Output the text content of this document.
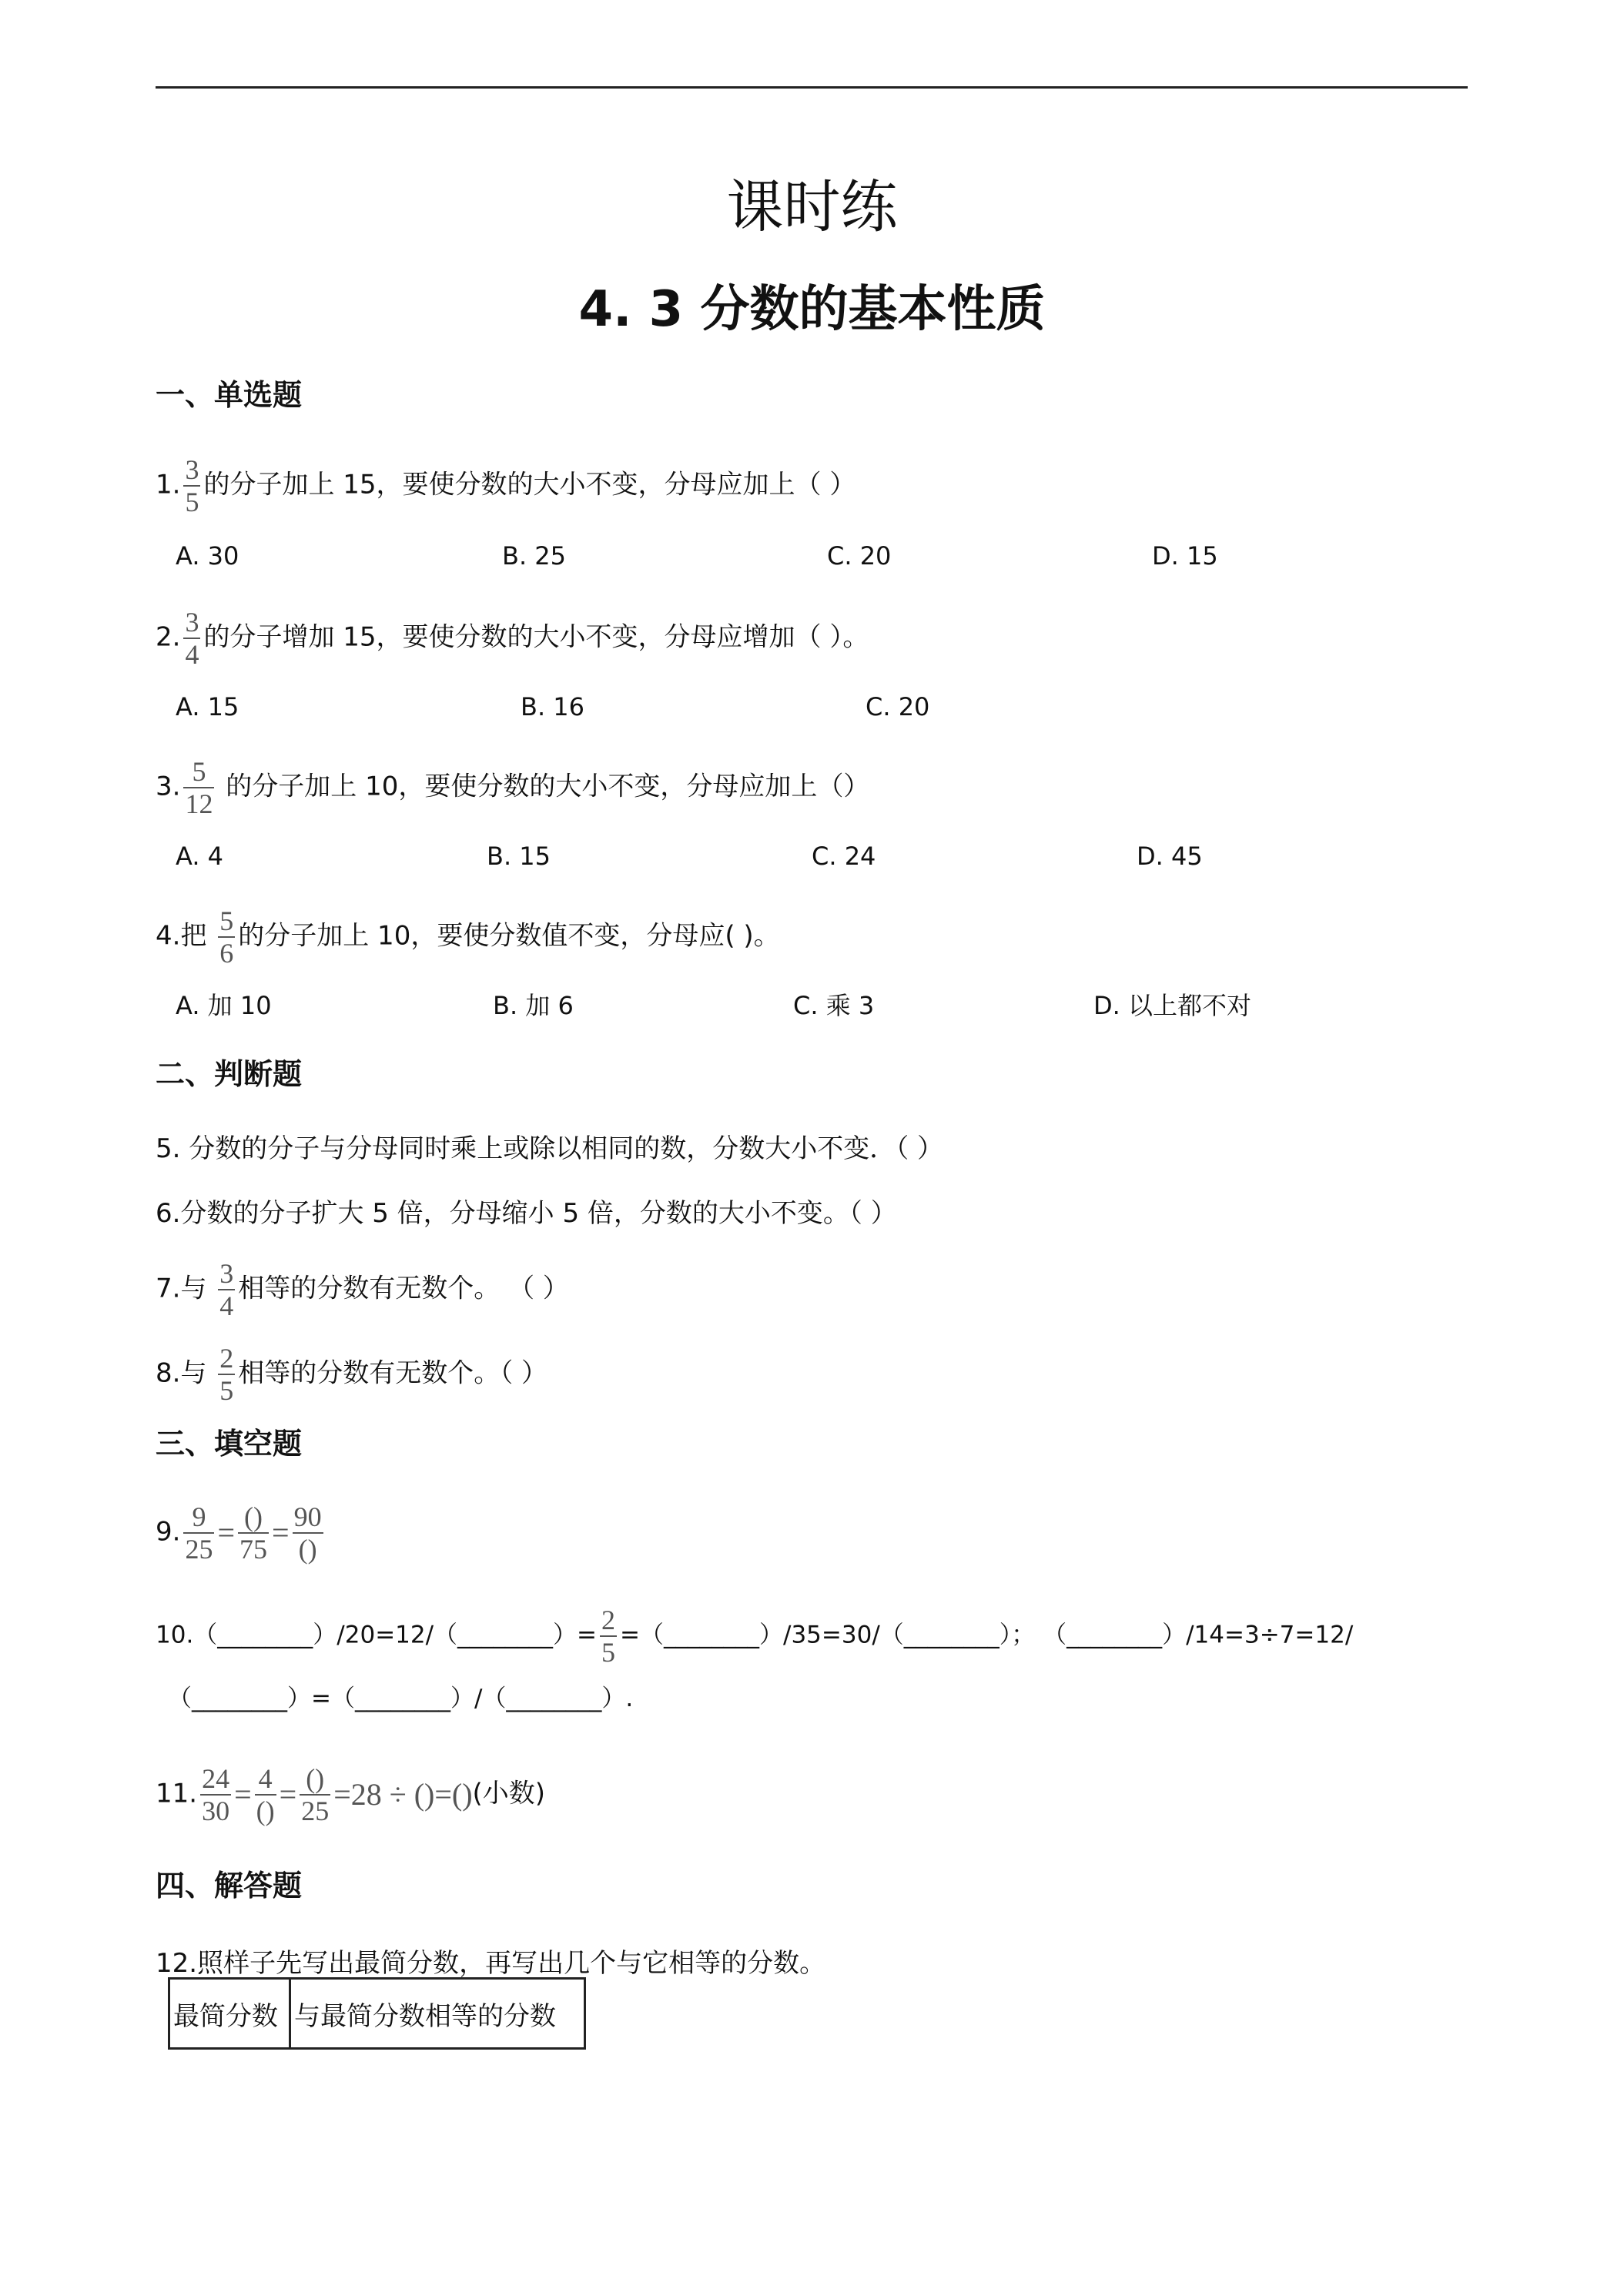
课时练
4. 3 分数的基本性质
一、单选题
1. $\frac{3}{5}$ 的分子加上 15，要使分数的大小不变，分母应加上（ ）
A. 30	B. 25	C. 20	D. 15
2. $\frac{3}{4}$ 的分子增加 15，要使分数的大小不变，分母应增加（ ）。
A. 15	B. 16	C. 20
3. $\frac{5}{12}$ 的分子加上 10，要使分数的大小不变，分母应加上（）
A. 4	B. 15	C. 24	D. 45
4.把 $\frac{5}{6}$ 的分子加上 10，要使分数值不变，分母应( )。
A. 加 10	B. 加 6	C. 乘 3	D. 以上都不对
二、判断题
5. 分数的分子与分母同时乘上或除以相同的数，分数大小不变．（ ）
6.分数的分子扩大 5 倍，分母缩小 5 倍，分数的大小不变。（ ）
7.与 $\frac{3}{4}$ 相等的分数有无数个。 （ ）
8.与 $\frac{2}{5}$ 相等的分数有无数个。（ ）
三、填空题
9. $\frac{9}{25} = \frac{()}{75} = \frac{90}{()}$
10.（________）/20=12/（________）= $\frac{2}{5}$ =（________）/35=30/（________）； （________）/14=3÷7=12/
（________）=（________）/（________）.
11. $\frac{24}{30} = \frac{4}{()} = \frac{()}{25} =28$ ÷ ()=()(小数)
四、解答题
12.照样子先写出最简分数，再写出几个与它相等的分数。
最简分数	与最简分数相等的分数
